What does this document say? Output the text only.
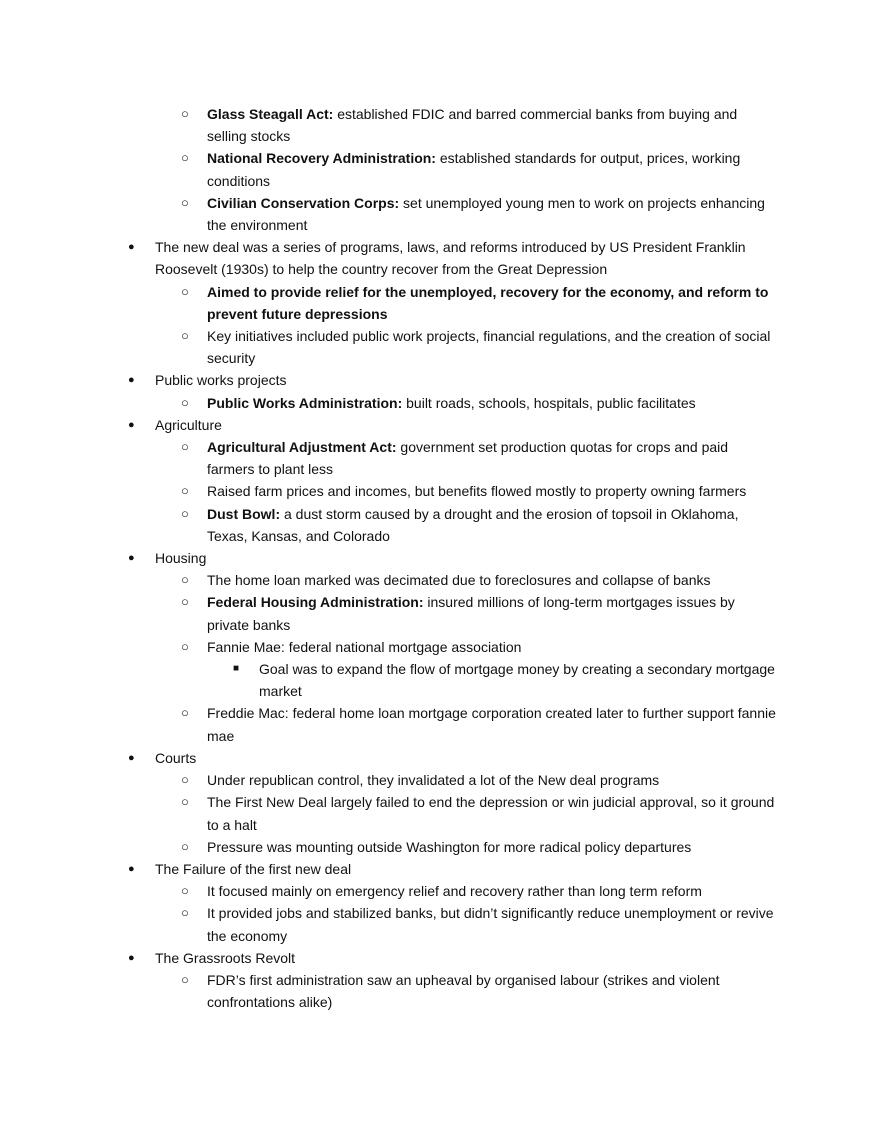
○ Glass Steagall Act: established FDIC and barred commercial banks from buying and selling stocks
○ National Recovery Administration: established standards for output, prices, working conditions
○ Civilian Conservation Corps: set unemployed young men to work on projects enhancing the environment
● The new deal was a series of programs, laws, and reforms introduced by US President Franklin Roosevelt (1930s) to help the country recover from the Great Depression
○ Aimed to provide relief for the unemployed, recovery for the economy, and reform to prevent future depressions
○ Key initiatives included public work projects, financial regulations, and the creation of social security
● Public works projects
○ Public Works Administration: built roads, schools, hospitals, public facilitates
● Agriculture
○ Agricultural Adjustment Act: government set production quotas for crops and paid farmers to plant less
○ Raised farm prices and incomes, but benefits flowed mostly to property owning farmers
○ Dust Bowl: a dust storm caused by a drought and the erosion of topsoil in Oklahoma, Texas, Kansas, and Colorado
● Housing
○ The home loan marked was decimated due to foreclosures and collapse of banks
○ Federal Housing Administration: insured millions of long-term mortgages issues by private banks
○ Fannie Mae: federal national mortgage association
■ Goal was to expand the flow of mortgage money by creating a secondary mortgage market
○ Freddie Mac: federal home loan mortgage corporation created later to further support fannie mae
● Courts
○ Under republican control, they invalidated a lot of the New deal programs
○ The First New Deal largely failed to end the depression or win judicial approval, so it ground to a halt
○ Pressure was mounting outside Washington for more radical policy departures
● The Failure of the first new deal
○ It focused mainly on emergency relief and recovery rather than long term reform
○ It provided jobs and stabilized banks, but didn’t significantly reduce unemployment or revive the economy
● The Grassroots Revolt
○ FDR’s first administration saw an upheaval by organised labour (strikes and violent confrontations alike)
